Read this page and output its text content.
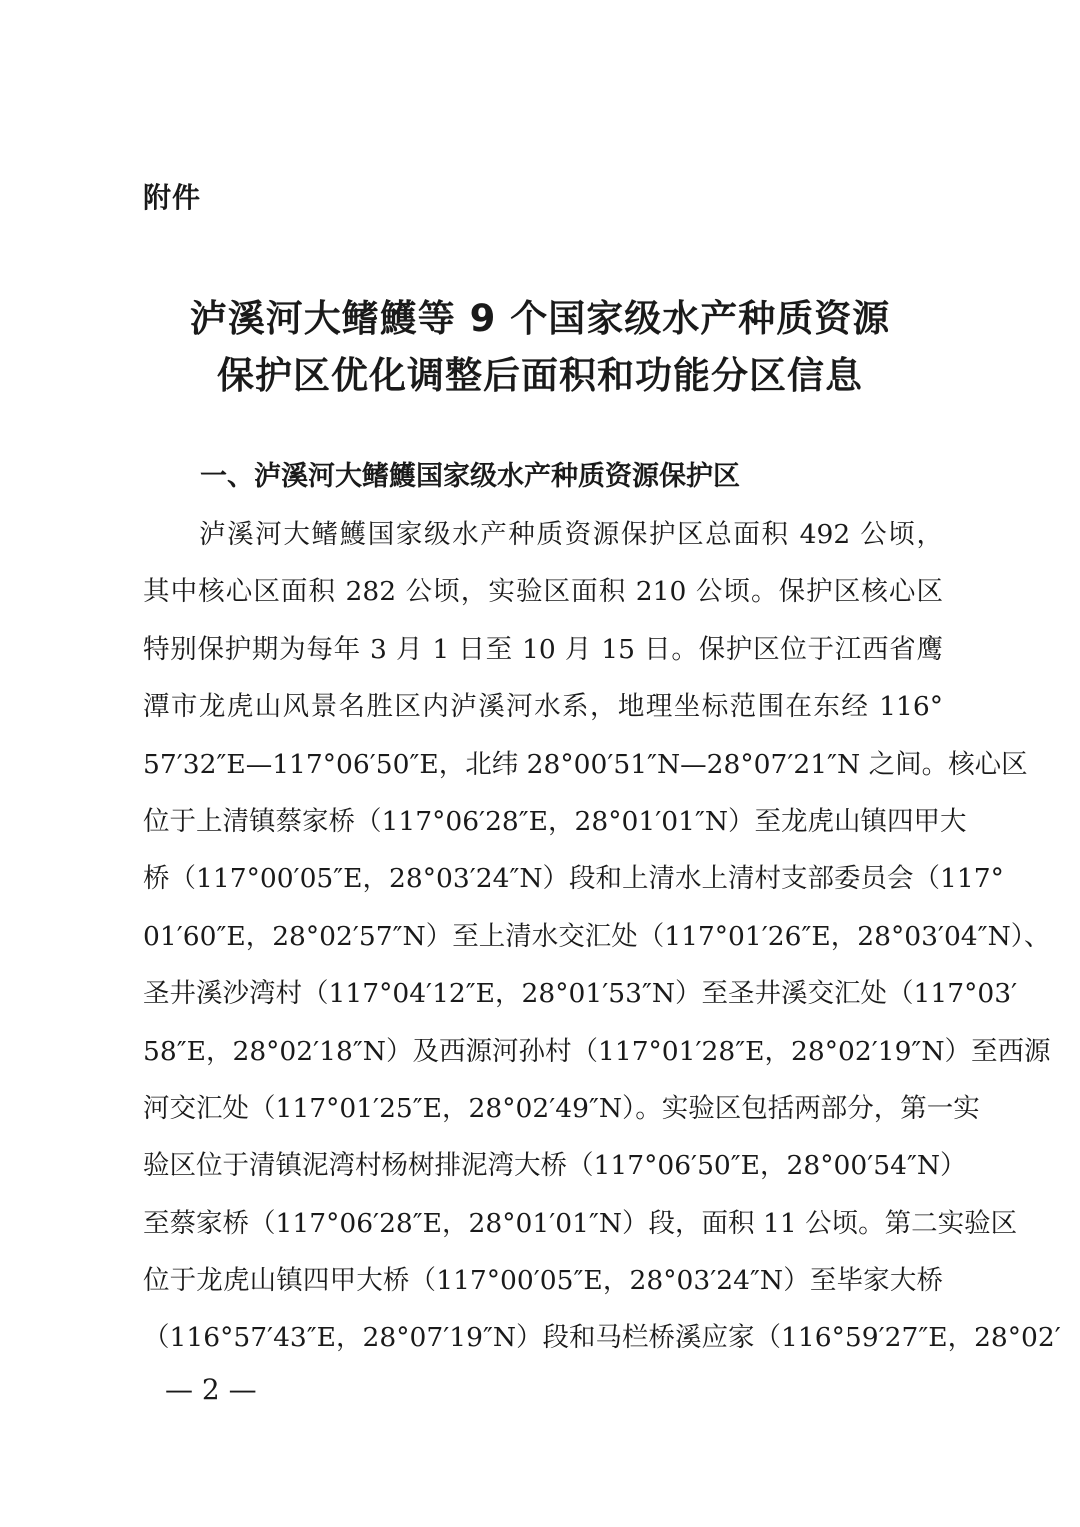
附件
泸溪河大鳍鱯等 9 个国家级水产种质资源
保护区优化调整后面积和功能分区信息
一、泸溪河大鳍鱯国家级水产种质资源保护区
泸溪河大鳍鱯国家级水产种质资源保护区总面积 492 公顷，
其中核心区面积 282 公顷，实验区面积 210 公顷。保护区核心区
特别保护期为每年 3 月 1 日至 10 月 15 日。保护区位于江西省鹰
潭市龙虎山风景名胜区内泸溪河水系，地理坐标范围在东经 116°
57′32″E—117°06′50″E，北纬 28°00′51″N—28°07′21″N 之间。核心区
位于上清镇蔡家桥（117°06′28″E，28°01′01″N）至龙虎山镇四甲大
桥（117°00′05″E，28°03′24″N）段和上清水上清村支部委员会（117°
01′60″E，28°02′57″N）至上清水交汇处（117°01′26″E，28°03′04″N）、
圣井溪沙湾村（117°04′12″E，28°01′53″N）至圣井溪交汇处（117°03′
58″E，28°02′18″N）及西源河孙村（117°01′28″E，28°02′19″N）至西源
河交汇处（117°01′25″E，28°02′49″N）。实验区包括两部分，第一实
验区位于清镇泥湾村杨树排泥湾大桥（117°06′50″E，28°00′54″N）
至蔡家桥（117°06′28″E，28°01′01″N）段，面积 11 公顷。第二实验区
位于龙虎山镇四甲大桥（117°00′05″E，28°03′24″N）至毕家大桥
（116°57′43″E，28°07′19″N）段和马栏桥溪应家（116°59′27″E，28°02′
— 2 —
